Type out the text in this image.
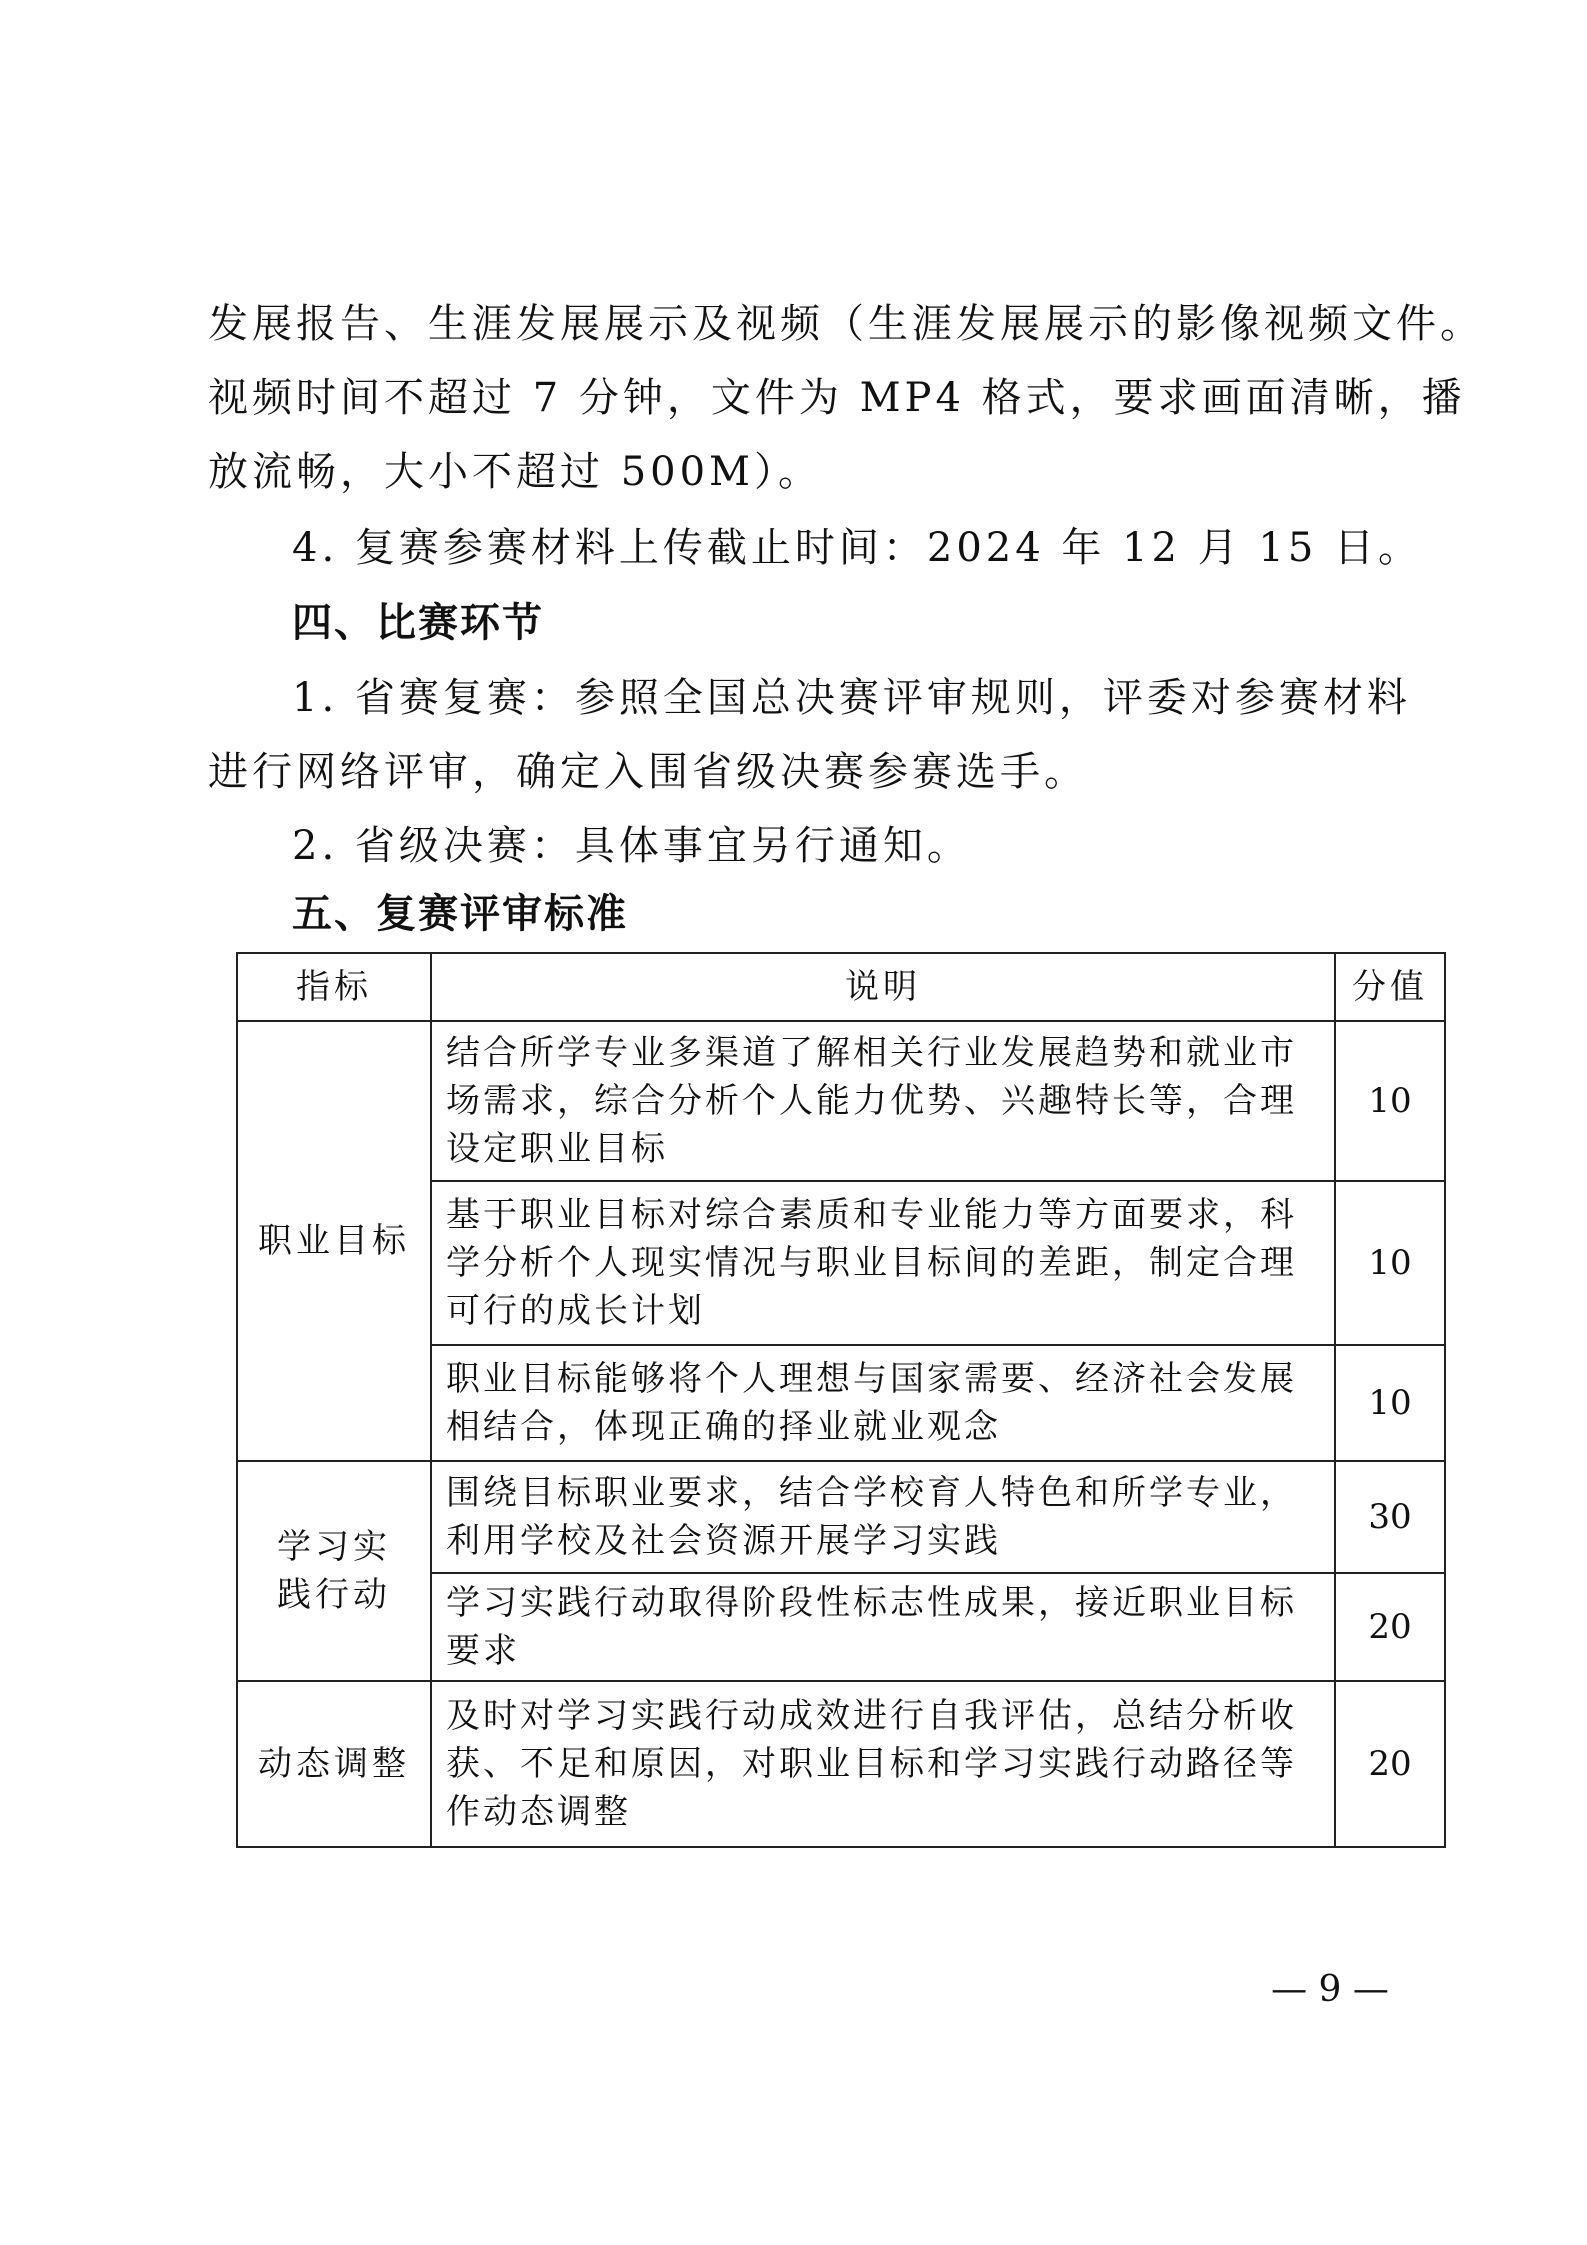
发展报告、生涯发展展示及视频（生涯发展展示的影像视频文件。
视频时间不超过 7 分钟，文件为 MP4 格式，要求画面清晰，播
放流畅，大小不超过 500M）。
4. 复赛参赛材料上传截止时间：2024 年 12 月 15 日。
四、比赛环节
1. 省赛复赛：参照全国总决赛评审规则，评委对参赛材料
进行网络评审，确定入围省级决赛参赛选手。
2. 省级决赛：具体事宜另行通知。
五、复赛评审标准
指标	说明	分值
职业目标	结合所学专业多渠道了解相关行业发展趋势和就业市场需求，综合分析个人能力优势、兴趣特长等，合理设定职业目标	10
	基于职业目标对综合素质和专业能力等方面要求，科学分析个人现实情况与职业目标间的差距，制定合理可行的成长计划	10
	职业目标能够将个人理想与国家需要、经济社会发展相结合，体现正确的择业就业观念	10
学习实践行动	围绕目标职业要求，结合学校育人特色和所学专业，利用学校及社会资源开展学习实践	30
	学习实践行动取得阶段性标志性成果，接近职业目标要求	20
动态调整	及时对学习实践行动成效进行自我评估，总结分析收获、不足和原因，对职业目标和学习实践行动路径等作动态调整	20
— 9 —
